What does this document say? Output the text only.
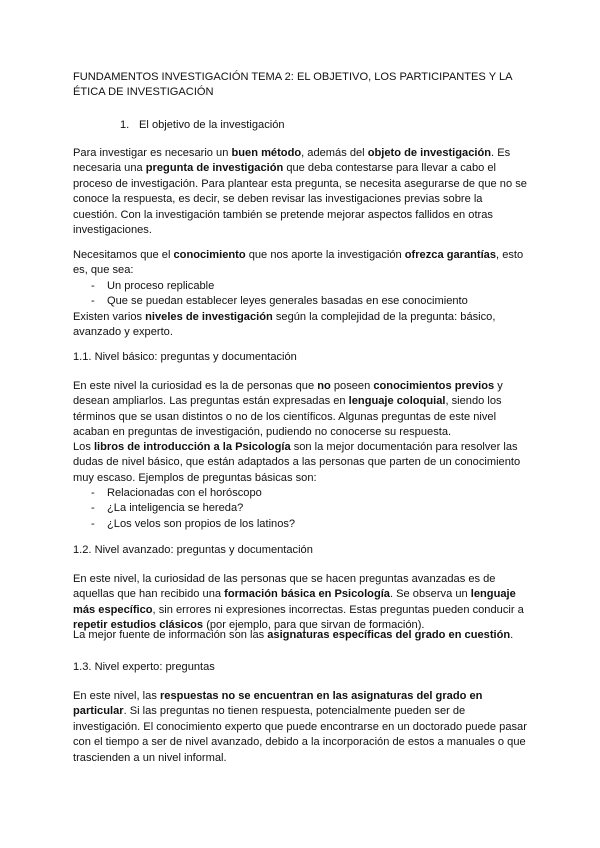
FUNDAMENTOS INVESTIGACIÓN TEMA 2: EL OBJETIVO, LOS PARTICIPANTES Y LA ÉTICA DE INVESTIGACIÓN

1. El objetivo de la investigación

Para investigar es necesario un buen método, además del objeto de investigación. Es necesaria una pregunta de investigación que deba contestarse para llevar a cabo el proceso de investigación. Para plantear esta pregunta, se necesita asegurarse de que no se conoce la respuesta, es decir, se deben revisar las investigaciones previas sobre la cuestión. Con la investigación también se pretende mejorar aspectos fallidos en otras investigaciones.

Necesitamos que el conocimiento que nos aporte la investigación ofrezca garantías, esto es, que sea:

- Un proceso replicable
- Que se puedan establecer leyes generales basadas en ese conocimiento

Existen varios niveles de investigación según la complejidad de la pregunta: básico, avanzado y experto.

1.1. Nivel básico: preguntas y documentación

En este nivel la curiosidad es la de personas que no poseen conocimientos previos y desean ampliarlos. Las preguntas están expresadas en lenguaje coloquial, siendo los términos que se usan distintos o no de los científicos. Algunas preguntas de este nivel acaban en preguntas de investigación, pudiendo no conocerse su respuesta.

Los libros de introducción a la Psicología son la mejor documentación para resolver las dudas de nivel básico, que están adaptados a las personas que parten de un conocimiento muy escaso. Ejemplos de preguntas básicas son:

- Relacionadas con el horóscopo
- ¿La inteligencia se hereda?
- ¿Los velos son propios de los latinos?

1.2. Nivel avanzado: preguntas y documentación

En este nivel, la curiosidad de las personas que se hacen preguntas avanzadas es de aquellas que han recibido una formación básica en Psicología. Se observa un lenguaje más específico, sin errores ni expresiones incorrectas. Estas preguntas pueden conducir a repetir estudios clásicos (por ejemplo, para que sirvan de formación).

La mejor fuente de información son las asignaturas específicas del grado en cuestión.

1.3. Nivel experto: preguntas

En este nivel, las respuestas no se encuentran en las asignaturas del grado en particular. Si las preguntas no tienen respuesta, potencialmente pueden ser de investigación. El conocimiento experto que puede encontrarse en un doctorado puede pasar con el tiempo a ser de nivel avanzado, debido a la incorporación de estos a manuales o que trascienden a un nivel informal.
